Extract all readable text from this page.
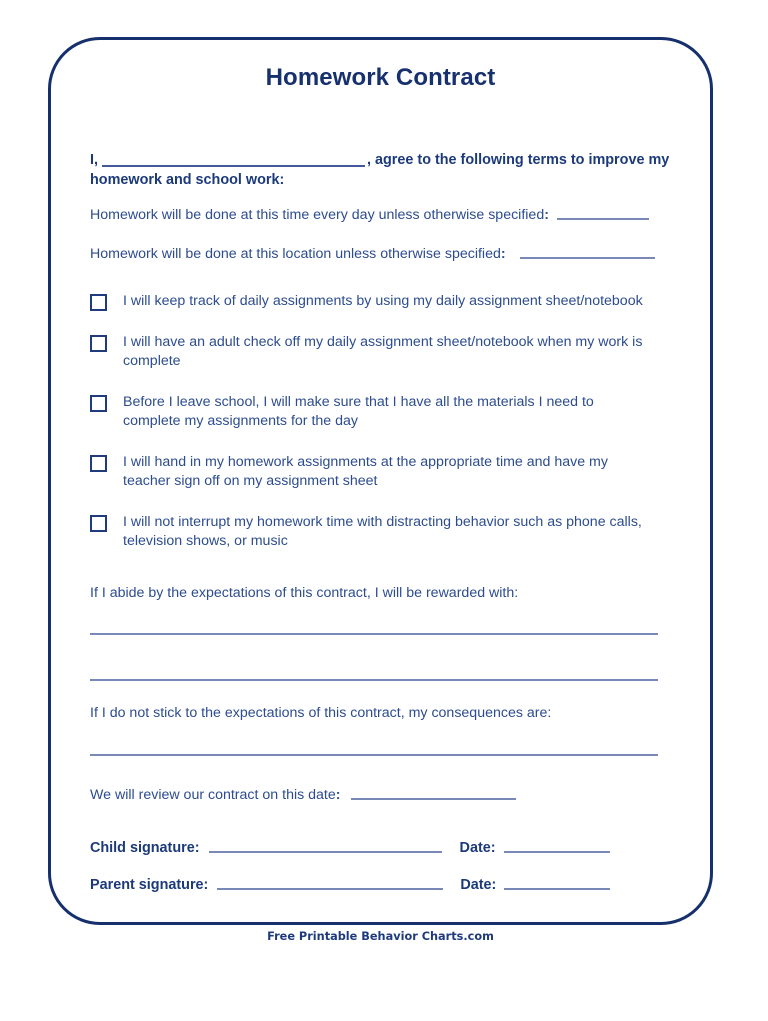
Homework Contract
I,	, agree to the following terms to improve my homework and school work:
Homework will be done at this time every day unless otherwise specified:
Homework will be done at this location unless otherwise specified:
I will keep track of daily assignments by using my daily assignment sheet/notebook
I will have an adult check off my daily assignment sheet/notebook when my work is complete
Before I leave school, I will make sure that I have all the materials I need to complete my assignments for the day
I will hand in my homework assignments at the appropriate time and have my teacher sign off on my assignment sheet
I will not interrupt my homework time with distracting behavior such as phone calls, television shows, or music
If I abide by the expectations of this contract, I will be rewarded with:
If I do not stick to the expectations of this contract, my consequences are:
We will review our contract on this date:
Child signature:	Date:
Parent signature:	Date:
Free Printable Behavior Charts.com
